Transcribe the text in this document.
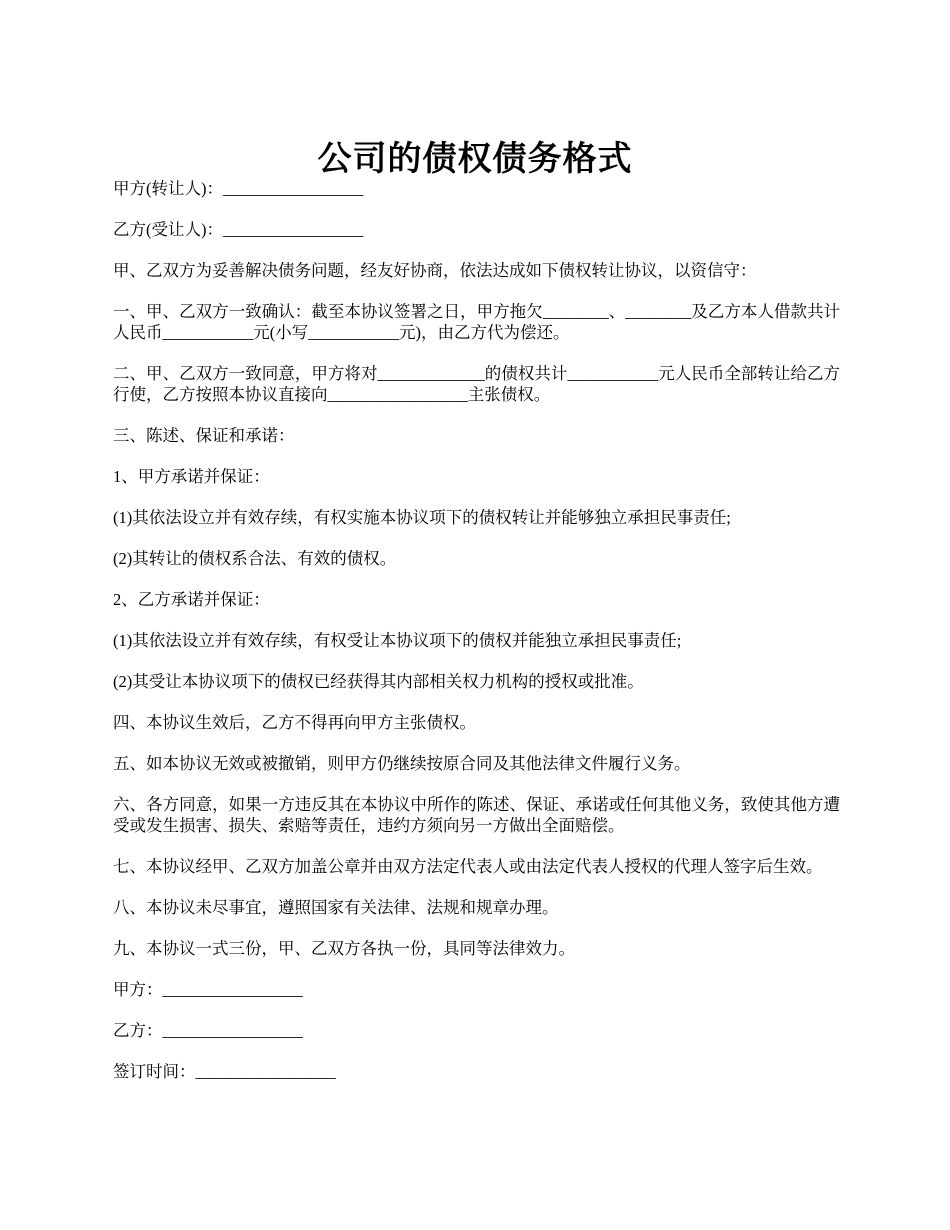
公司的债权债务格式

甲方(转让人)：_________________

乙方(受让人)：_________________

甲、乙双方为妥善解决债务问题，经友好协商，依法达成如下债权转让协议，以资信守：

一、甲、乙双方一致确认：截至本协议签署之日，甲方拖欠________、________及乙方本人借款共计人民币___________元(小写___________元)，由乙方代为偿还。

二、甲、乙双方一致同意，甲方将对_____________的债权共计___________元人民币全部转让给乙方行使，乙方按照本协议直接向_________________主张债权。

三、陈述、保证和承诺：

1、甲方承诺并保证：

(1)其依法设立并有效存续，有权实施本协议项下的债权转让并能够独立承担民事责任;

(2)其转让的债权系合法、有效的债权。

2、乙方承诺并保证：

(1)其依法设立并有效存续，有权受让本协议项下的债权并能独立承担民事责任;

(2)其受让本协议项下的债权已经获得其内部相关权力机构的授权或批准。

四、本协议生效后，乙方不得再向甲方主张债权。

五、如本协议无效或被撤销，则甲方仍继续按原合同及其他法律文件履行义务。

六、各方同意，如果一方违反其在本协议中所作的陈述、保证、承诺或任何其他义务，致使其他方遭受或发生损害、损失、索赔等责任，违约方须向另一方做出全面赔偿。

七、本协议经甲、乙双方加盖公章并由双方法定代表人或由法定代表人授权的代理人签字后生效。

八、本协议未尽事宜，遵照国家有关法律、法规和规章办理。

九、本协议一式三份，甲、乙双方各执一份，具同等法律效力。

甲方：_________________

乙方：_________________

签订时间：_________________
